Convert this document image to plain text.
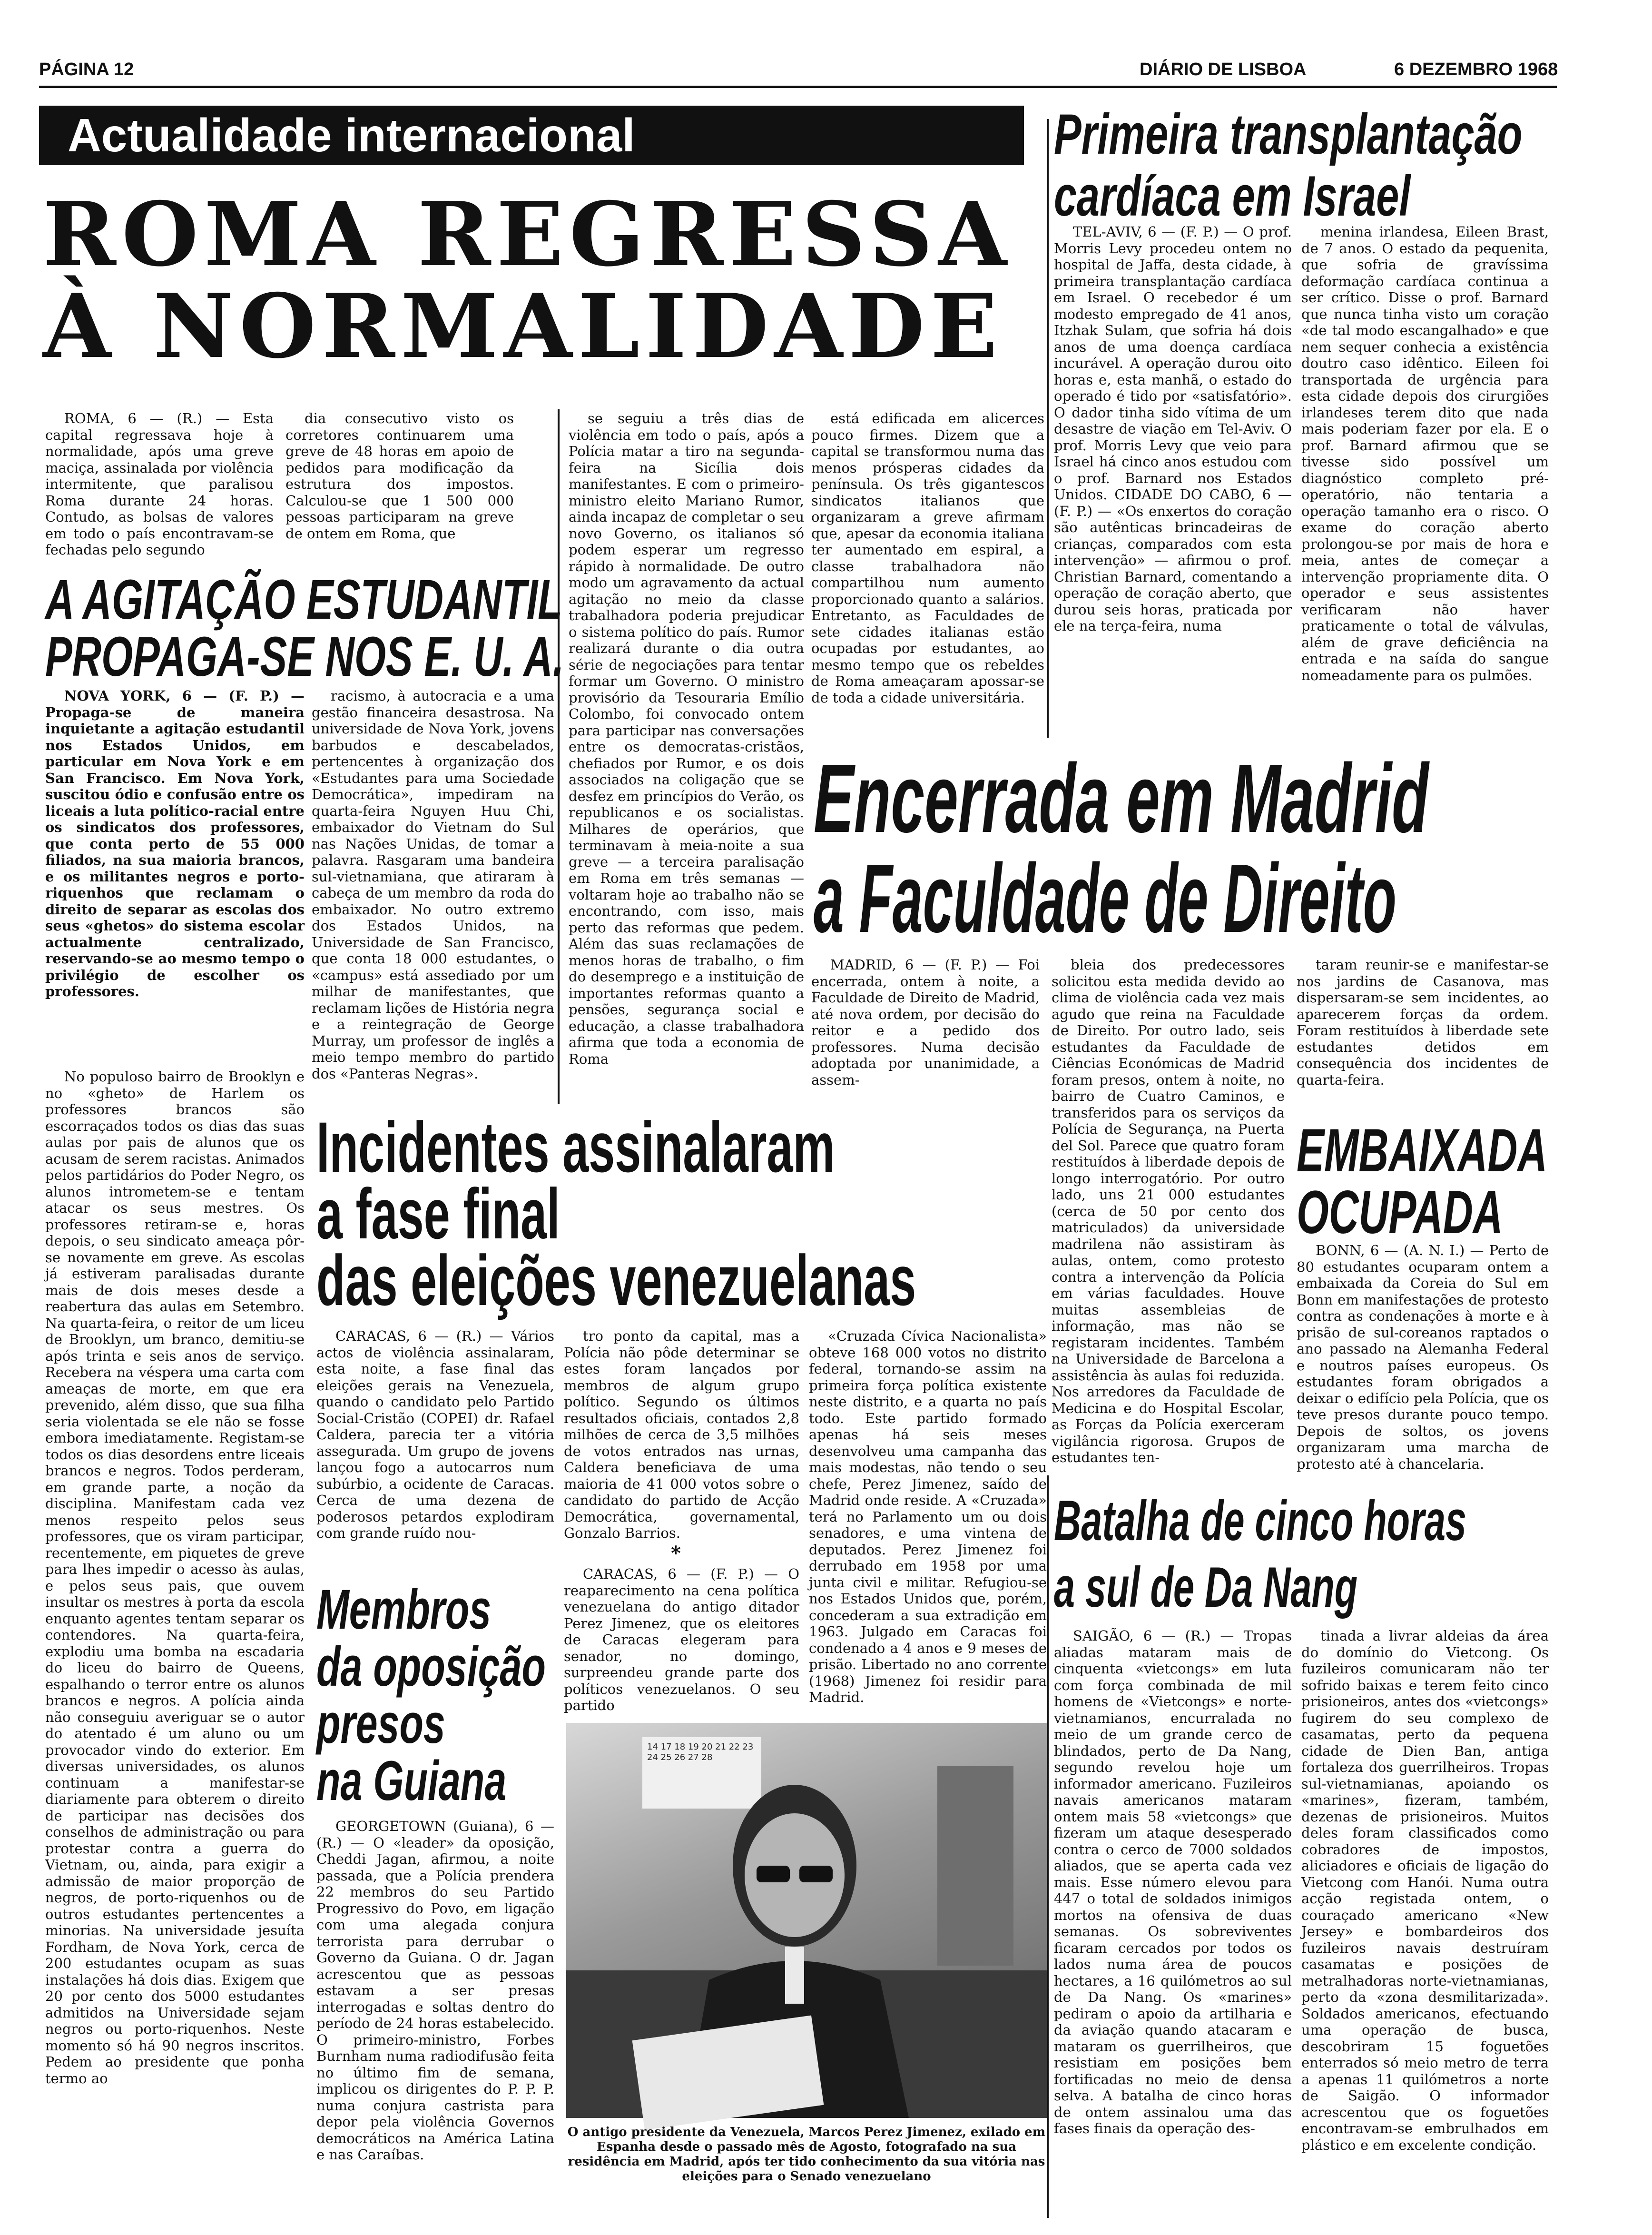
PÁGINA 12	DIÁRIO DE LISBOA	6 DEZEMBRO 1968
Actualidade internacional
ROMA REGRESSA
À NORMALIDADE
ROMA, 6 — (R.) — Esta capital regressava hoje à normalidade, após uma greve maciça, assinalada por violência intermitente, que paralisou Roma durante 24 horas. Contudo, as bolsas de valores em todo o país encontravam-se fechadas pelo segundo
dia consecutivo visto os corretores continuarem uma greve de 48 horas em apoio de pedidos para modificação da estrutura dos impostos. Calculou-se que 1 500 000 pessoas participaram na greve de ontem em Roma, que
se seguiu a três dias de violência em todo o país, após a Polícia matar a tiro na segunda-feira na Sicília dois manifestantes. E com o primeiro-ministro eleito Mariano Rumor, ainda incapaz de completar o seu novo Governo, os italianos só podem esperar um regresso rápido à normalidade. De outro modo um agravamento da actual agitação no meio da classe trabalhadora poderia prejudicar o sistema político do país. Rumor realizará durante o dia outra série de negociações para tentar formar um Governo. O ministro provisório da Tesouraria Emílio Colombo, foi convocado ontem para participar nas conversações entre os democratas-cristãos, chefiados por Rumor, e os dois associados na coligação que se desfez em princípios do Verão, os republicanos e os socialistas. Milhares de operários, que terminavam à meia-noite a sua greve — a terceira paralisação em Roma em três semanas — voltaram hoje ao trabalho não se encontrando, com isso, mais perto das reformas que pedem. Além das suas reclamações de menos horas de trabalho, o fim do desemprego e a instituição de importantes reformas quanto a pensões, segurança social e educação, a classe trabalhadora afirma que toda a economia de Roma
está edificada em alicerces pouco firmes. Dizem que a capital se transformou numa das menos prósperas cidades da península. Os três gigantescos sindicatos italianos que organizaram a greve afirmam que, apesar da economia italiana ter aumentado em espiral, a classe trabalhadora não compartilhou num aumento proporcionado quanto a salários. Entretanto, as Faculdades de sete cidades italianas estão ocupadas por estudantes, ao mesmo tempo que os rebeldes de Roma ameaçaram apossar-se de toda a cidade universitária.
A AGITAÇÃO ESTUDANTIL
PROPAGA-SE NOS E. U. A.
NOVA YORK, 6 — (F. P.) — Propaga-se de maneira inquietante a agitação estudantil nos Estados Unidos, em particular em Nova York e em San Francisco. Em Nova York, suscitou ódio e confusão entre os liceais a luta político-racial entre os sindicatos dos professores, que conta perto de 55 000 filiados, na sua maioria brancos, e os militantes negros e porto-riquenhos que reclamam o direito de separar as escolas dos seus «ghetos» do sistema escolar actualmente centralizado, reservando-se ao mesmo tempo o privilégio de escolher os professores.
No populoso bairro de Brooklyn e no «gheto» de Harlem os professores brancos são escorraçados todos os dias das suas aulas por pais de alunos que os acusam de serem racistas. Animados pelos partidários do Poder Negro, os alunos intrometem-se e tentam atacar os seus mestres. Os professores retiram-se e, horas depois, o seu sindicato ameaça pôr-se novamente em greve. As escolas já estiveram paralisadas durante mais de dois meses desde a reabertura das aulas em Setembro. Na quarta-feira, o reitor de um liceu de Brooklyn, um branco, demitiu-se após trinta e seis anos de serviço. Recebera na véspera uma carta com ameaças de morte, em que era prevenido, além disso, que sua filha seria violentada se ele não se fosse embora imediatamente. Registam-se todos os dias desordens entre liceais brancos e negros. Todos perderam, em grande parte, a noção da disciplina. Manifestam cada vez menos respeito pelos seus professores, que os viram participar, recentemente, em piquetes de greve para lhes impedir o acesso às aulas, e pelos seus pais, que ouvem insultar os mestres à porta da escola enquanto agentes tentam separar os contendores. Na quarta-feira, explodiu uma bomba na escadaria do liceu do bairro de Queens, espalhando o terror entre os alunos brancos e negros. A polícia ainda não conseguiu averiguar se o autor do atentado é um aluno ou um provocador vindo do exterior. Em diversas universidades, os alunos continuam a manifestar-se diariamente para obterem o direito de participar nas decisões dos conselhos de administração ou para protestar contra a guerra do Vietnam, ou, ainda, para exigir a admissão de maior proporção de negros, de porto-riquenhos ou de outros estudantes pertencentes a minorias. Na universidade jesuíta Fordham, de Nova York, cerca de 200 estudantes ocupam as suas instalações há dois dias. Exigem que 20 por cento dos 5000 estudantes admitidos na Universidade sejam negros ou porto-riquenhos. Neste momento só há 90 negros inscritos. Pedem ao presidente que ponha termo ao
racismo, à autocracia e a uma gestão financeira desastrosa. Na universidade de Nova York, jovens barbudos e descabelados, pertencentes à organização dos «Estudantes para uma Sociedade Democrática», impediram na quarta-feira Nguyen Huu Chi, embaixador do Vietnam do Sul nas Nações Unidas, de tomar a palavra. Rasgaram uma bandeira sul-vietnamiana, que atiraram à cabeça de um membro da roda do embaixador. No outro extremo dos Estados Unidos, na Universidade de San Francisco, que conta 18 000 estudantes, o «campus» está assediado por um milhar de manifestantes, que reclamam lições de História negra e a reintegração de George Murray, um professor de inglês a meio tempo membro do partido dos «Panteras Negras».
Primeira transplantação
cardíaca em Israel
TEL-AVIV, 6 — (F. P.) — O prof. Morris Levy procedeu ontem no hospital de Jaffa, desta cidade, à primeira transplantação cardíaca em Israel. O recebedor é um modesto empregado de 41 anos, Itzhak Sulam, que sofria há dois anos de uma doença cardíaca incurável. A operação durou oito horas e, esta manhã, o estado do operado é tido por «satisfatório». O dador tinha sido vítima de um desastre de viação em Tel-Aviv. O prof. Morris Levy que veio para Israel há cinco anos estudou com o prof. Barnard nos Estados Unidos. CIDADE DO CABO, 6 — (F. P.) — «Os enxertos do coração são autênticas brincadeiras de crianças, comparados com esta intervenção» — afirmou o prof. Christian Barnard, comentando a operação de coração aberto, que durou seis horas, praticada por ele na terça-feira, numa
menina irlandesa, Eileen Brast, de 7 anos. O estado da pequenita, que sofria de gravíssima deformação cardíaca continua a ser crítico. Disse o prof. Barnard que nunca tinha visto um coração «de tal modo escangalhado» e que nem sequer conhecia a existência doutro caso idêntico. Eileen foi transportada de urgência para esta cidade depois dos cirurgiões irlandeses terem dito que nada mais poderiam fazer por ela. E o prof. Barnard afirmou que se tivesse sido possível um diagnóstico completo pré-operatório, não tentaria a operação tamanho era o risco. O exame do coração aberto prolongou-se por mais de hora e meia, antes de começar a intervenção propriamente dita. O operador e seus assistentes verificaram não haver praticamente o total de válvulas, além de grave deficiência na entrada e na saída do sangue nomeadamente para os pulmões.
Encerrada em Madrid
a Faculdade de Direito
MADRID, 6 — (F. P.) — Foi encerrada, ontem à noite, a Faculdade de Direito de Madrid, até nova ordem, por decisão do reitor e a pedido dos professores. Numa decisão adoptada por unanimidade, a assem-
bleia dos predecessores solicitou esta medida devido ao clima de violência cada vez mais agudo que reina na Faculdade de Direito. Por outro lado, seis estudantes da Faculdade de Ciências Económicas de Madrid foram presos, ontem à noite, no bairro de Cuatro Caminos, e transferidos para os serviços da Polícia de Segurança, na Puerta del Sol. Parece que quatro foram restituídos à liberdade depois de longo interrogatório. Por outro lado, uns 21 000 estudantes (cerca de 50 por cento dos matriculados) da universidade madrilena não assistiram às aulas, ontem, como protesto contra a intervenção da Polícia em várias faculdades. Houve muitas assembleias de informação, mas não se registaram incidentes. Também na Universidade de Barcelona a assistência às aulas foi reduzida. Nos arredores da Faculdade de Medicina e do Hospital Escolar, as Forças da Polícia exerceram vigilância rigorosa. Grupos de estudantes ten-
taram reunir-se e manifestar-se nos jardins de Casanova, mas dispersaram-se sem incidentes, ao aparecerem forças da ordem. Foram restituídos à liberdade sete estudantes detidos em consequência dos incidentes de quarta-feira.
EMBAIXADA
OCUPADA
BONN, 6 — (A. N. I.) — Perto de 80 estudantes ocuparam ontem a embaixada da Coreia do Sul em Bonn em manifestações de protesto contra as condenações à morte e à prisão de sul-coreanos raptados o ano passado na Alemanha Federal e noutros países europeus. Os estudantes foram obrigados a deixar o edifício pela Polícia, que os teve presos durante pouco tempo. Depois de soltos, os jovens organizaram uma marcha de protesto até à chancelaria.
Incidentes assinalaram
a fase final
das eleições venezuelanas
CARACAS, 6 — (R.) — Vários actos de violência assinalaram, esta noite, a fase final das eleições gerais na Venezuela, quando o candidato pelo Partido Social-Cristão (COPEI) dr. Rafael Caldera, parecia ter a vitória assegurada. Um grupo de jovens lançou fogo a autocarros num subúrbio, a ocidente de Caracas. Cerca de uma dezena de poderosos petardos explodiram com grande ruído nou-
tro ponto da capital, mas a Polícia não pôde determinar se estes foram lançados por membros de algum grupo político. Segundo os últimos resultados oficiais, contados 2,8 milhões de cerca de 3,5 milhões de votos entrados nas urnas, Caldera beneficiava de uma maioria de 41 000 votos sobre o candidato do partido de Acção Democrática, governamental, Gonzalo Barrios.
*
CARACAS, 6 — (F. P.) — O reaparecimento na cena política venezuelana do antigo ditador Perez Jimenez, que os eleitores de Caracas elegeram para senador, no domingo, surpreendeu grande parte dos políticos venezuelanos. O seu partido
«Cruzada Cívica Nacionalista» obteve 168 000 votos no distrito federal, tornando-se assim na primeira força política existente neste distrito, e a quarta no país todo. Este partido formado apenas há seis meses desenvolveu uma campanha das mais modestas, não tendo o seu chefe, Perez Jimenez, saído de Madrid onde reside. A «Cruzada» terá no Parlamento um ou dois senadores, e uma vintena de deputados. Perez Jimenez foi derrubado em 1958 por uma junta civil e militar. Refugiou-se nos Estados Unidos que, porém, concederam a sua extradição em 1963. Julgado em Caracas foi condenado a 4 anos e 9 meses de prisão. Libertado no ano corrente (1968) Jimenez foi residir para Madrid.
14 17 18 19 20 21 22 23 24 25 26 27 28
O antigo presidente da Venezuela, Marcos Perez Jimenez, exilado em Espanha desde o passado mês de Agosto, fotografado na sua residência em Madrid, após ter tido conhecimento da sua vitória nas eleições para o Senado venezuelano
Membros
da oposição
presos
na Guiana
GEORGETOWN (Guiana), 6 — (R.) — O «leader» da oposição, Cheddi Jagan, afirmou, a noite passada, que a Polícia prendera 22 membros do seu Partido Progressivo do Povo, em ligação com uma alegada conjura terrorista para derrubar o Governo da Guiana. O dr. Jagan acrescentou que as pessoas estavam a ser presas interrogadas e soltas dentro do período de 24 horas estabelecido. O primeiro-ministro, Forbes Burnham numa radiodifusão feita no último fim de semana, implicou os dirigentes do P. P. P. numa conjura castrista para depor pela violência Governos democráticos na América Latina e nas Caraíbas.
Batalha de cinco horas
a sul de Da Nang
SAIGÃO, 6 — (R.) — Tropas aliadas mataram mais de cinquenta «vietcongs» em luta com força combinada de mil homens de «Vietcongs» e norte-vietnamianos, encurralada no meio de um grande cerco de blindados, perto de Da Nang, segundo revelou hoje um informador americano. Fuzileiros navais americanos mataram ontem mais 58 «vietcongs» que fizeram um ataque desesperado contra o cerco de 7000 soldados aliados, que se aperta cada vez mais. Esse número elevou para 447 o total de soldados inimigos mortos na ofensiva de duas semanas. Os sobreviventes ficaram cercados por todos os lados numa área de poucos hectares, a 16 quilómetros ao sul de Da Nang. Os «marines» pediram o apoio da artilharia e da aviação quando atacaram e mataram os guerrilheiros, que resistiam em posições bem fortificadas no meio de densa selva. A batalha de cinco horas de ontem assinalou uma das fases finais da operação des-
tinada a livrar aldeias da área do domínio do Vietcong. Os fuzileiros comunicaram não ter sofrido baixas e terem feito cinco prisioneiros, antes dos «vietcongs» fugirem do seu complexo de casamatas, perto da pequena cidade de Dien Ban, antiga fortaleza dos guerrilheiros. Tropas sul-vietnamianas, apoiando os «marines», fizeram, também, dezenas de prisioneiros. Muitos deles foram classificados como cobradores de impostos, aliciadores e oficiais de ligação do Vietcong com Hanói. Numa outra acção registada ontem, o couraçado americano «New Jersey» e bombardeiros dos fuzileiros navais destruíram casamatas e posições de metralhadoras norte-vietnamianas, perto da «zona desmilitarizada». Soldados americanos, efectuando uma operação de busca, descobriram 15 foguetões enterrados só meio metro de terra a apenas 11 quilómetros a norte de Saigão. O informador acrescentou que os foguetões encontravam-se embrulhados em plástico e em excelente condição.
